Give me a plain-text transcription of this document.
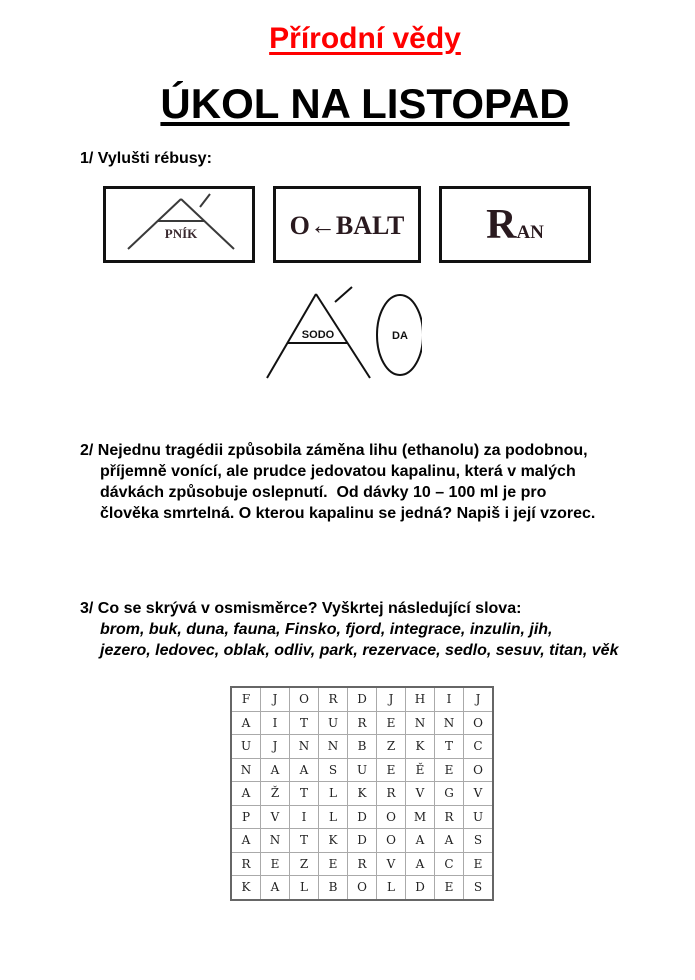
Přírodní vědy
ÚKOL NA LISTOPAD
1/ Vylušti rébusy:
PNÍK	O←BALT	RAN
SODO	DA
2/ Nejednu tragédii způsobila záměna lihu (ethanolu) za podobnou,
příjemně vonící, ale prudce jedovatou kapalinu, která v malých
dávkách způsobuje oslepnutí.  Od dávky 10 – 100 ml je pro
člověka smrtelná. O kterou kapalinu se jedná? Napiš i její vzorec.
3/ Co se skrývá v osmisměrce? Vyškrtej následující slova:
brom, buk, duna, fauna, Finsko, fjord, integrace, inzulin, jih,
jezero, ledovec, oblak, odliv, park, rezervace, sedlo, sesuv, titan, věk
F	J	O	R	D	J	H	I	J
A	I	T	U	R	E	N	N	O
U	J	N	N	B	Z	K	T	C
N	A	A	S	U	E	Ě	E	O
A	Ž	T	L	K	R	V	G	V
P	V	I	L	D	O	M	R	U
A	N	T	K	D	O	A	A	S
R	E	Z	E	R	V	A	C	E
K	A	L	B	O	L	D	E	S
